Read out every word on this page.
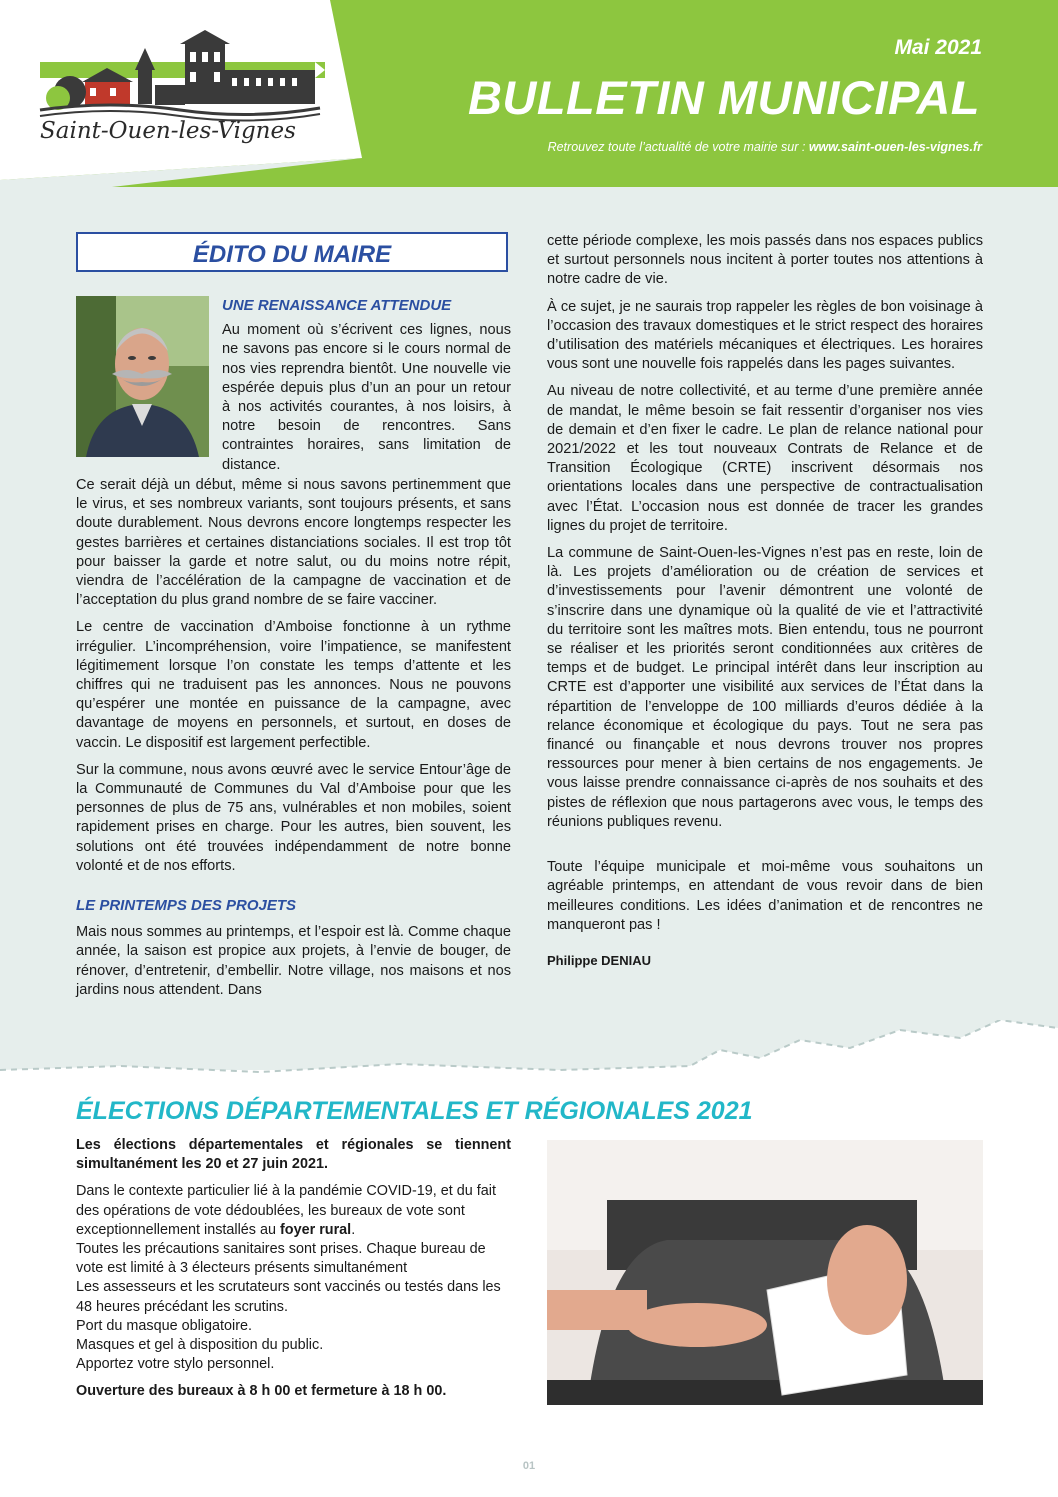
Saint-Ouen-les-Vignes
Mai 2021
BULLETIN MUNICIPAL
Retrouvez toute l’actualité de votre mairie sur : www.saint-ouen-les-vignes.fr
ÉDITO DU MAIRE
UNE RENAISSANCE ATTENDUE

Au moment où s’écrivent ces lignes, nous ne savons pas encore si le cours normal de nos vies reprendra bientôt. Une nouvelle vie espérée depuis plus d’un an pour un retour à nos activités courantes, à nos loisirs, à notre besoin de rencontres. Sans contraintes horaires, sans limitation de distance.

Ce serait déjà un début, même si nous savons pertinemment que le virus, et ses nombreux variants, sont toujours présents, et sans doute durablement. Nous devrons encore longtemps respecter les gestes barrières et certaines distanciations sociales. Il est trop tôt pour baisser la garde et notre salut, ou du moins notre répit, viendra de l’accélération de la campagne de vaccination et de l’acceptation du plus grand nombre de se faire vacciner.

Le centre de vaccination d’Amboise fonctionne à un rythme irrégulier. L’incompréhension, voire l’impatience, se manifestent légitimement lorsque l’on constate les temps d’attente et les chiffres qui ne traduisent pas les annonces. Nous ne pouvons qu’espérer une montée en puissance de la campagne, avec davantage de moyens en personnels, et surtout, en doses de vaccin. Le dispositif est largement perfectible.

Sur la commune, nous avons œuvré avec le service Entour’âge de la Communauté de Communes du Val d’Amboise pour que les personnes de plus de 75 ans, vulnérables et non mobiles, soient rapidement prises en charge. Pour les autres, bien souvent, les solutions ont été trouvées indépendamment de notre bonne volonté et de nos efforts.

LE PRINTEMPS DES PROJETS

Mais nous sommes au printemps, et l’espoir est là. Comme chaque année, la saison est propice aux projets, à l’envie de bouger, de rénover, d’entretenir, d’embellir. Notre village, nos maisons et nos jardins nous attendent. Dans

cette période complexe, les mois passés dans nos espaces publics et surtout personnels nous incitent à porter toutes nos attentions à notre cadre de vie.

À ce sujet, je ne saurais trop rappeler les règles de bon voisinage à l’occasion des travaux domestiques et le strict respect des horaires d’utilisation des matériels mécaniques et électriques. Les horaires vous sont une nouvelle fois rappelés dans les pages suivantes.

Au niveau de notre collectivité, et au terme d’une première année de mandat, le même besoin se fait ressentir d’organiser nos vies de demain et d’en fixer le cadre. Le plan de relance national pour 2021/2022 et les tout nouveaux Contrats de Relance et de Transition Écologique (CRTE) inscrivent désormais nos orientations locales dans une perspective de contractualisation avec l’État. L’occasion nous est donnée de tracer les grandes lignes du projet de territoire.

La commune de Saint-Ouen-les-Vignes n’est pas en reste, loin de là. Les projets d’amélioration ou de création de services et d’investissements pour l’avenir démontrent une volonté de s’inscrire dans une dynamique où la qualité de vie et l’attractivité du territoire sont les maîtres mots. Bien entendu, tous ne pourront se réaliser et les priorités seront conditionnées aux critères de temps et de budget. Le principal intérêt dans leur inscription au CRTE est d’apporter une visibilité aux services de l’État dans la répartition de l’enveloppe de 100 milliards d’euros dédiée à la relance économique et écologique du pays. Tout ne sera pas financé ou finançable et nous devrons trouver nos propres ressources pour mener à bien certains de nos engagements. Je vous laisse prendre connaissance ci-après de nos souhaits et des pistes de réflexion que nous partagerons avec vous, le temps des réunions publiques revenu.

Toute l’équipe municipale et moi-même vous souhaitons un agréable printemps, en attendant de vous revoir dans de bien meilleures conditions. Les idées d’animation et de rencontres ne manqueront pas !

Philippe DENIAU
ÉLECTIONS DÉPARTEMENTALES ET RÉGIONALES 2021

Les élections départementales et régionales se tiennent simultanément les 20 et 27 juin 2021.

Dans le contexte particulier lié à la pandémie COVID-19, et du fait des opérations de vote dédoublées, les bureaux de vote sont exceptionnellement installés au foyer rural.

Toutes les précautions sanitaires sont prises. Chaque bureau de vote est limité à 3 électeurs présents simultanément
Les assesseurs et les scrutateurs sont vaccinés ou testés dans les 48 heures précédant les scrutins.
Port du masque obligatoire.
Masques et gel à disposition du public.
Apportez votre stylo personnel.

Ouverture des bureaux à 8 h 00 et fermeture à 18 h 00.

01
